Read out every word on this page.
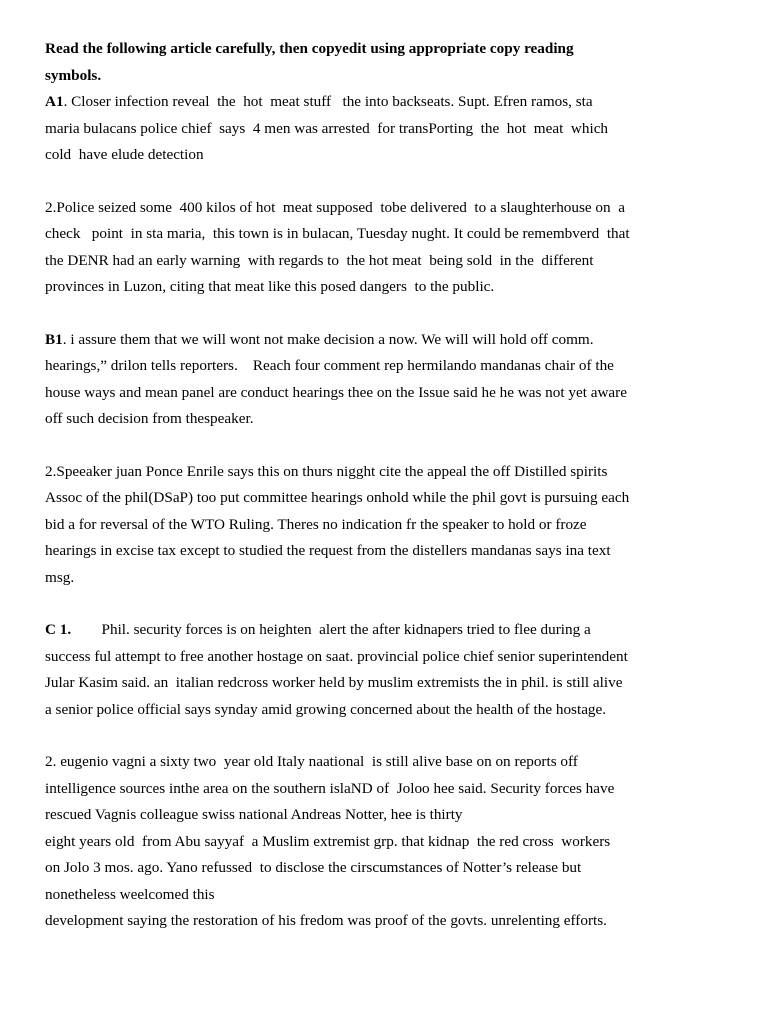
Read the following article carefully, then copyedit using appropriate copy reading
symbols.
A1. Closer infection reveal  the  hot  meat stuff   the into backseats. Supt. Efren ramos, sta
maria bulacans police chief  says  4 men was arrested  for transPorting  the  hot  meat  which
cold  have elude detection
2.Police seized some  400 kilos of hot  meat supposed  tobe delivered  to a slaughterhouse on  a
check   point  in sta maria,  this town is in bulacan, Tuesday nught. It could be remembverd  that
the DENR had an early warning  with regards to  the hot meat  being sold  in the  different
provinces in Luzon, citing that meat like this posed dangers  to the public.
B1. i assure them that we will wont not make decision a now. We will will hold off comm.
hearings,” drilon tells reporters.    Reach four comment rep hermilando mandanas chair of the
house ways and mean panel are conduct hearings thee on the Issue said he he was not yet aware
off such decision from thespeaker.
2.Speeaker juan Ponce Enrile says this on thurs nigght cite the appeal the off Distilled spirits
Assoc of the phil(DSaP) too put committee hearings onhold while the phil govt is pursuing each
bid a for reversal of the WTO Ruling. Theres no indication fr the speaker to hold or froze
hearings in excise tax except to studied the request from the distellers mandanas says ina text
msg.
C 1.        Phil. security forces is on heighten  alert the after kidnapers tried to flee during a
success ful attempt to free another hostage on saat. provincial police chief senior superintendent
Jular Kasim said. an  italian redcross worker held by muslim extremists the in phil. is still alive
a senior police official says synday amid growing concerned about the health of the hostage.
2. eugenio vagni a sixty two  year old Italy naational  is still alive base on on reports off
intelligence sources inthe area on the southern islaND of  Joloo hee said. Security forces have
rescued Vagnis colleague swiss national Andreas Notter, hee is thirty
eight years old  from Abu sayyaf  a Muslim extremist grp. that kidnap  the red cross  workers
on Jolo 3 mos. ago. Yano refussed  to disclose the cirscumstances of Notter’s release but
nonetheless weelcomed this
development saying the restoration of his fredom was proof of the govts. unrelenting efforts.
